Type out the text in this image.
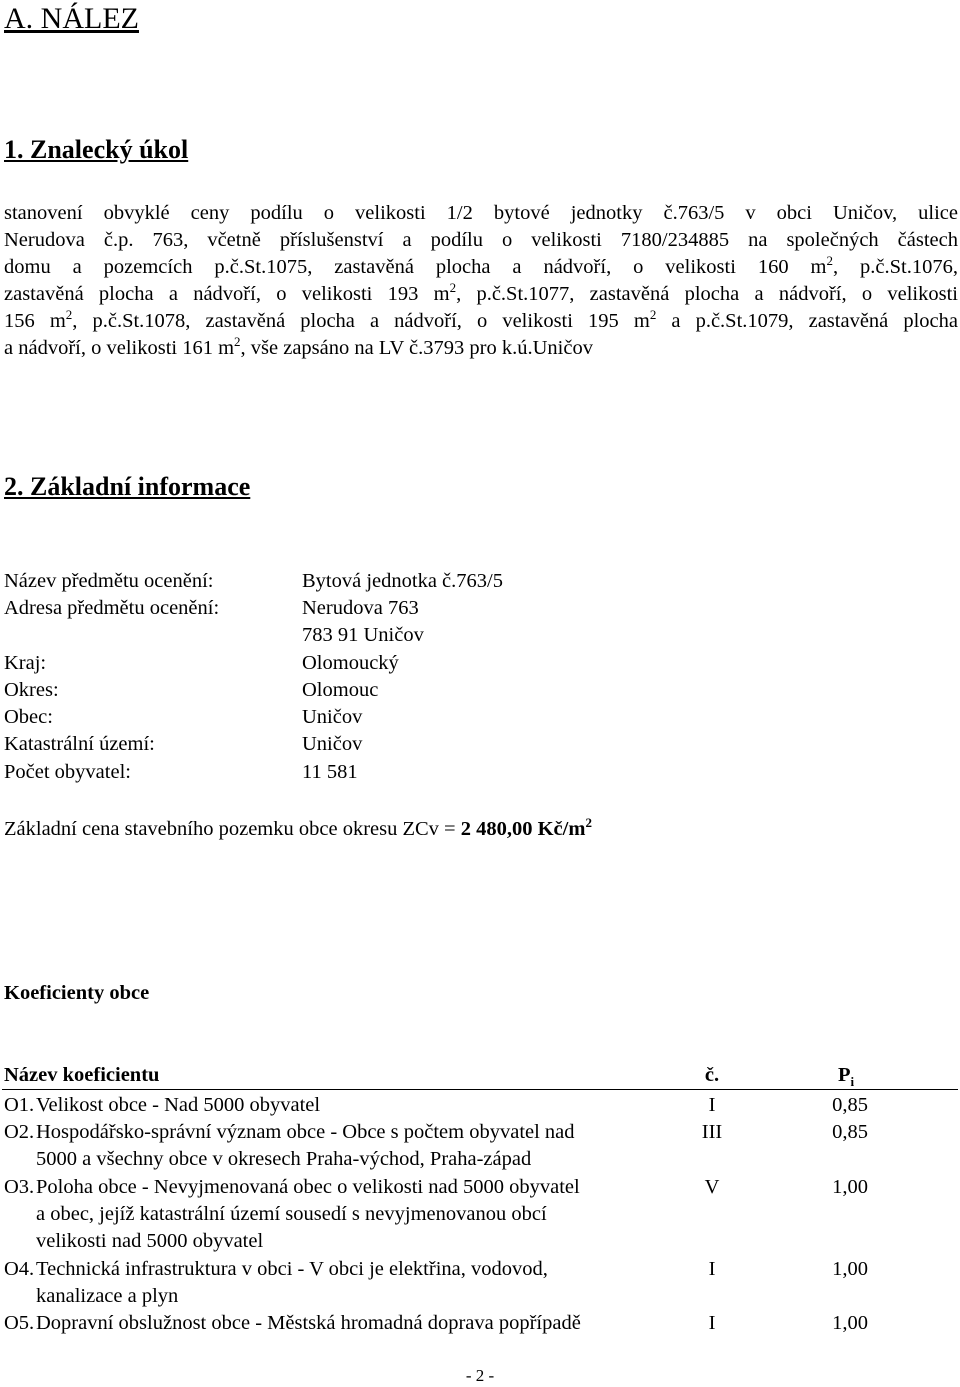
A. NÁLEZ
1. Znalecký úkol
stanovení obvyklé ceny podílu o velikosti 1/2 bytové jednotky č.763/5 v obci Uničov, ulice
Nerudova č.p. 763, včetně příslušenství a podílu o velikosti 7180/234885 na společných částech
domu a pozemcích p.č.St.1075, zastavěná plocha a nádvoří, o velikosti 160 $m^2$, p.č.St.1076,
zastavěná plocha a nádvoří, o velikosti 193 $m^2$, p.č.St.1077, zastavěná plocha a nádvoří, o velikosti
156 $m^2$, p.č.St.1078, zastavěná plocha a nádvoří, o velikosti 195 $m^2$ a p.č.St.1079, zastavěná plocha
a nádvoří, o velikosti 161 $m^2$, vše zapsáno na LV č.3793 pro k.ú.Uničov
2. Základní informace
Název předmětu ocenění:	Bytová jednotka č.763/5
Adresa předmětu ocenění:	Nerudova 763
783 91 Uničov
Kraj:	Olomoucký
Okres:	Olomouc
Obec:	Uničov
Katastrální území:	Uničov
Počet obyvatel:	11 581
Základní cena stavebního pozemku obce okresu ZCv = 2 480,00 $Kč/m^2$
Koeficienty obce
Název koeficientu	č.	$P_i$
O1. Velikost obce - Nad 5000 obyvatel	I	0,85
O2. Hospodářsko-správní význam obce - Obce s počtem obyvatel nad
5000 a všechny obce v okresech Praha-východ, Praha-západ
III	0,85
O3. Poloha obce - Nevyjmenovaná obec o velikosti nad 5000 obyvatel
a obec, jejíž katastrální území sousedí s nevyjmenovanou obcí
velikosti nad 5000 obyvatel
V	1,00
O4. Technická infrastruktura v obci - V obci je elektřina, vodovod,
kanalizace a plyn
I	1,00
O5. Dopravní obslužnost obce - Městská hromadná doprava popřípadě	I	1,00
- 2 -
